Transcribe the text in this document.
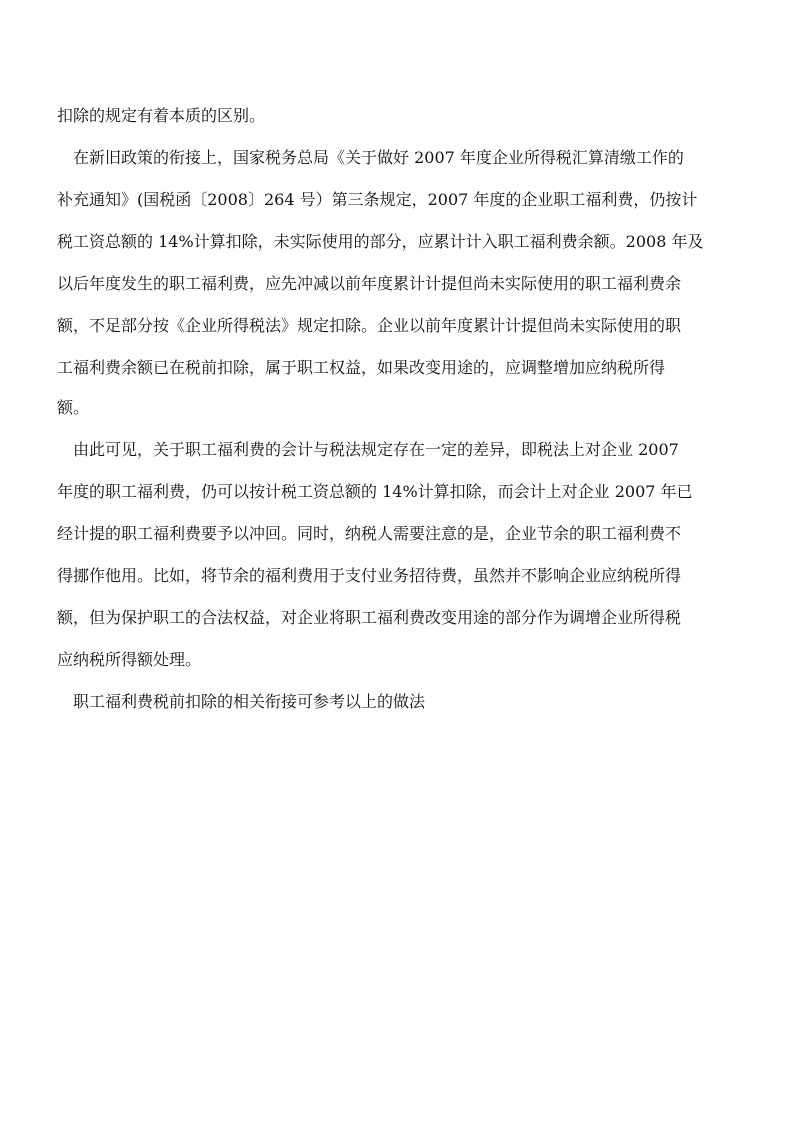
扣除的规定有着本质的区别。
在新旧政策的衔接上，国家税务总局《关于做好 2007 年度企业所得税汇算清缴工作的
补充通知》(国税函〔2008〕264 号）第三条规定，2007 年度的企业职工福利费，仍按计
税工资总额的 14%计算扣除，未实际使用的部分，应累计计入职工福利费余额。2008 年及
以后年度发生的职工福利费，应先冲减以前年度累计计提但尚未实际使用的职工福利费余
额，不足部分按《企业所得税法》规定扣除。企业以前年度累计计提但尚未实际使用的职
工福利费余额已在税前扣除，属于职工权益，如果改变用途的，应调整增加应纳税所得
额。
由此可见，关于职工福利费的会计与税法规定存在一定的差异，即税法上对企业 2007
年度的职工福利费，仍可以按计税工资总额的 14%计算扣除，而会计上对企业 2007 年已
经计提的职工福利费要予以冲回。同时，纳税人需要注意的是，企业节余的职工福利费不
得挪作他用。比如，将节余的福利费用于支付业务招待费，虽然并不影响企业应纳税所得
额，但为保护职工的合法权益，对企业将职工福利费改变用途的部分作为调增企业所得税
应纳税所得额处理。
职工福利费税前扣除的相关衔接可参考以上的做法
